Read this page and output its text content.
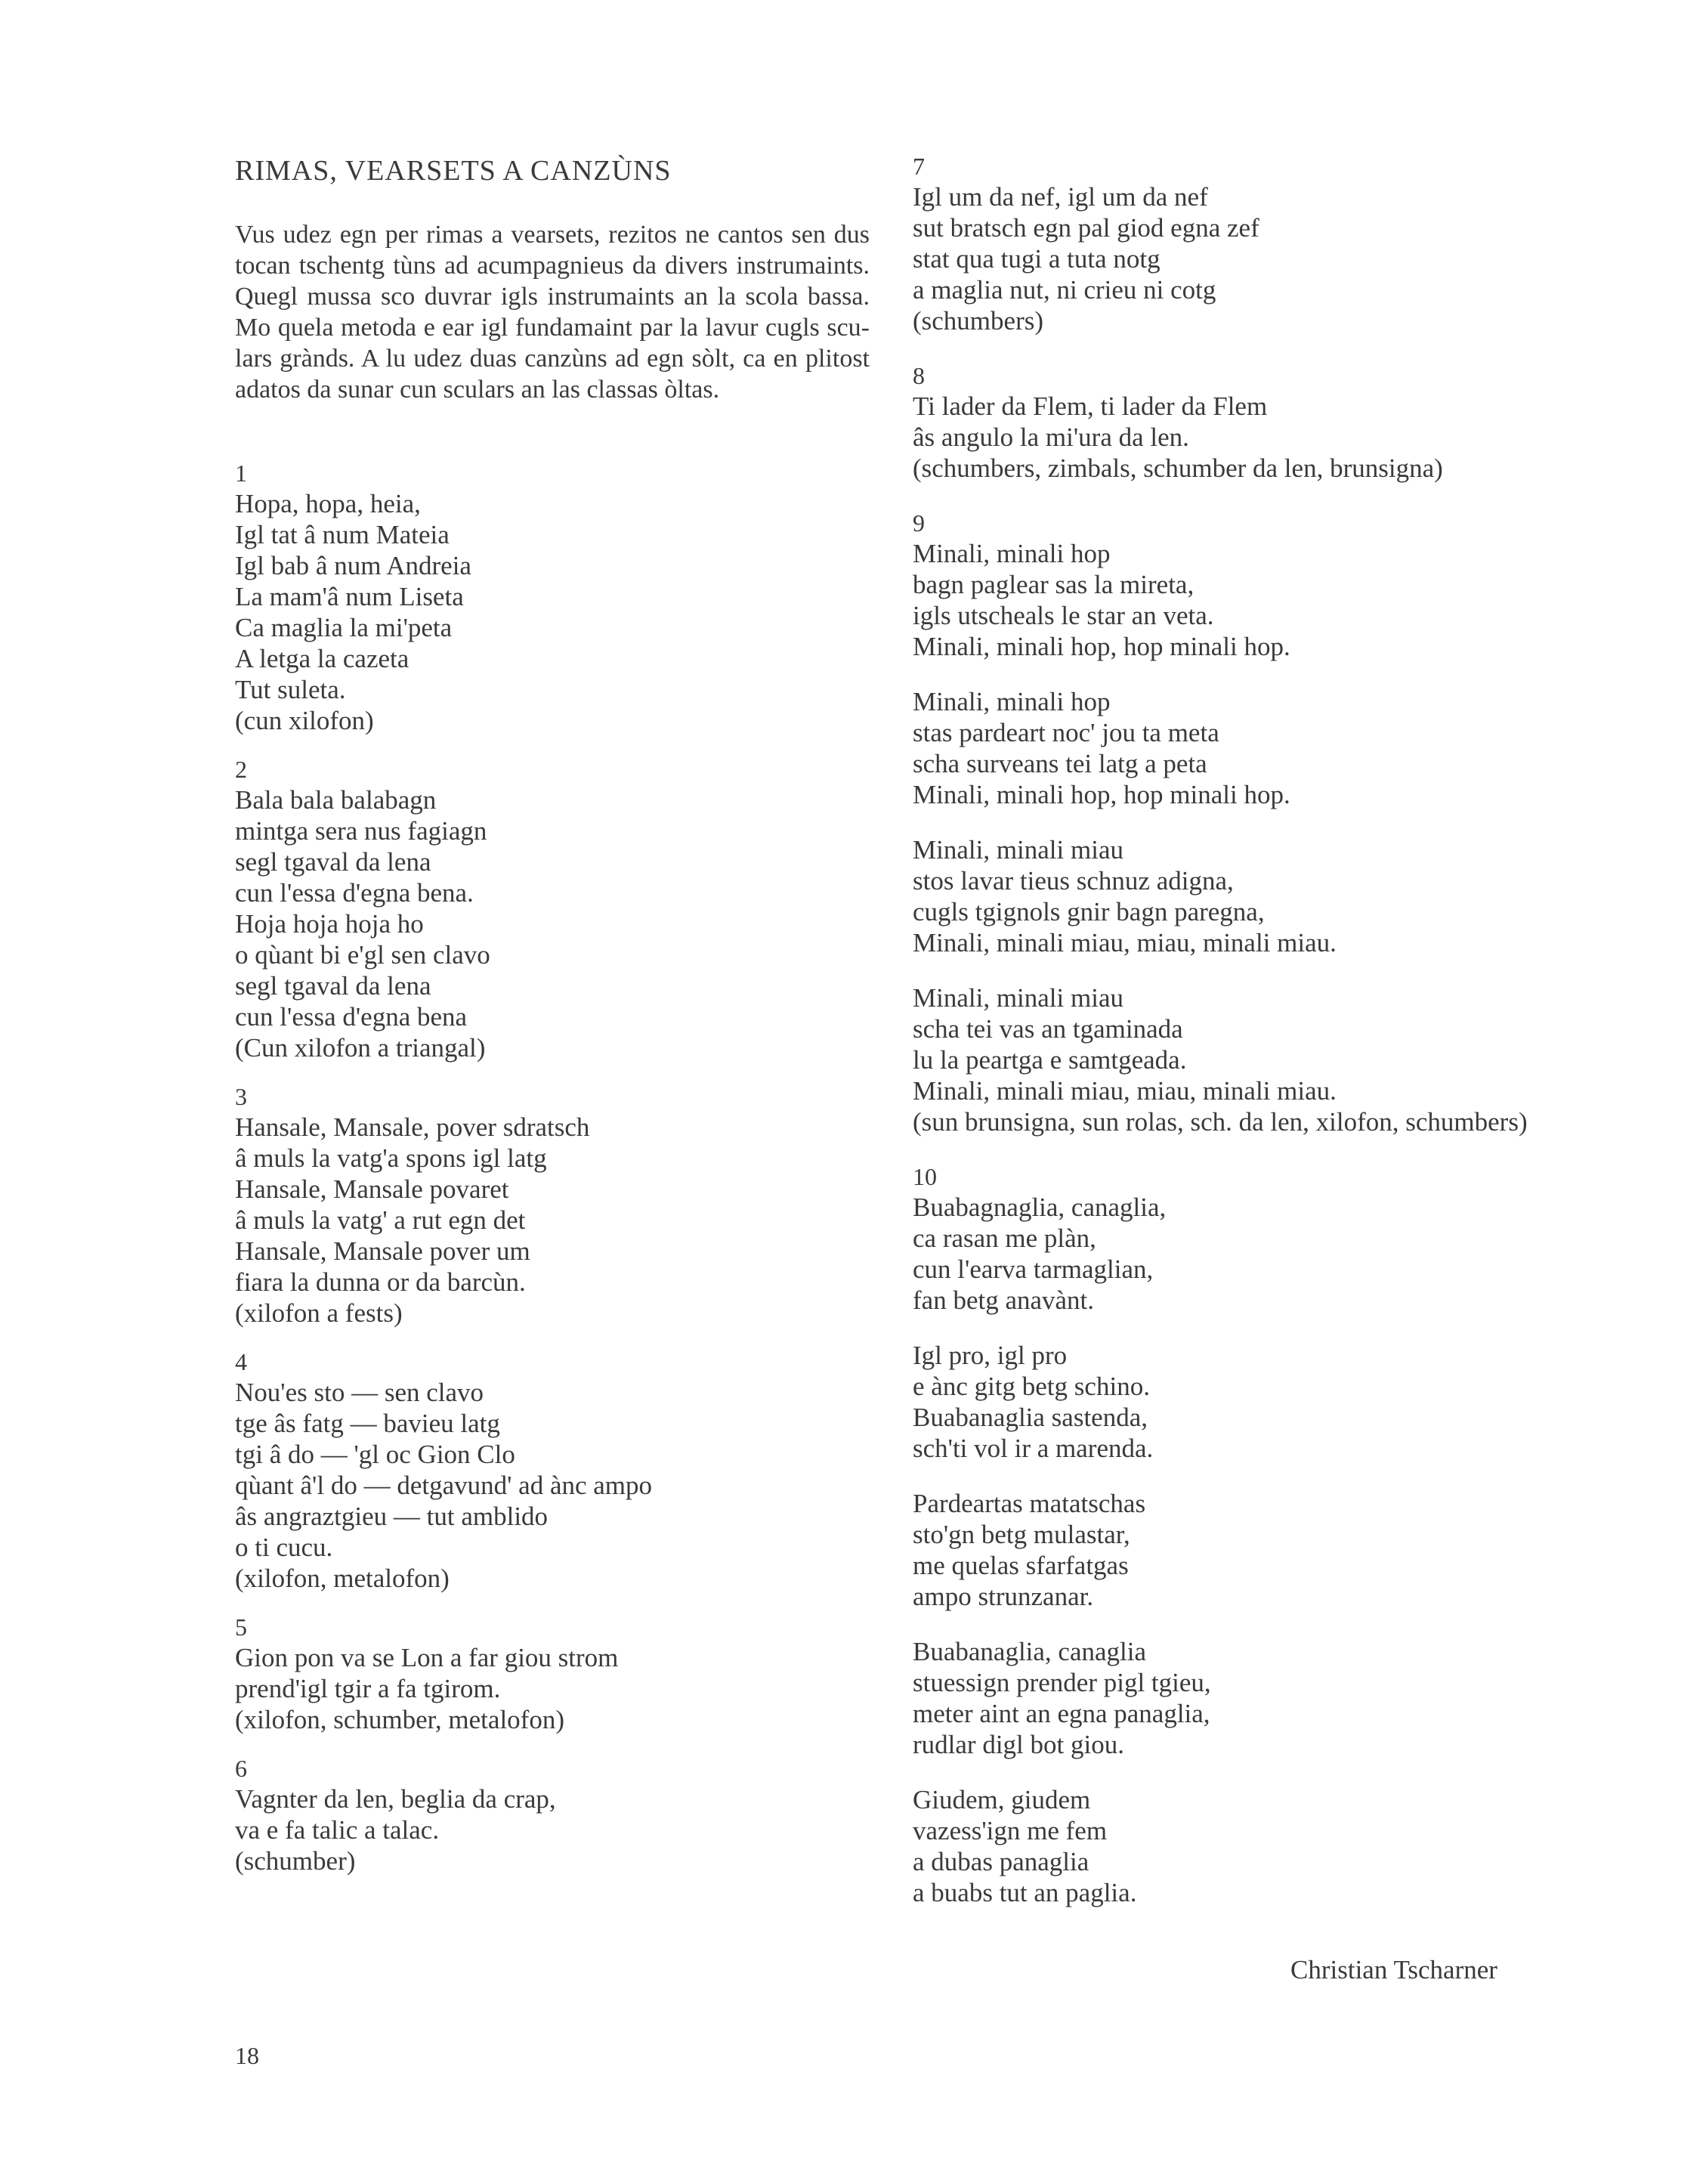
RIMAS, VEARSETS A CANZÙNS

Vus udez egn per rimas a vearsets, rezitos ne cantos sen dus tocan tschentg tùns ad acumpagnieus da divers instrumaints. Quegl mussa sco duvrar igls instrumaints an la scola bassa. Mo quela metoda e ear igl fundamaint par la lavur cugls scu-lars grànds. A lu udez duas canzùns ad egn sòlt, ca en plitost adatos da sunar cun sculars an las classas òltas.

1
Hopa, hopa, heia,
Igl tat â num Mateia
Igl bab â num Andreia
La mam'â num Liseta
Ca maglia la mi'peta
A letga la cazeta
Tut suleta.
(cun xilofon)
2
Bala bala balabagn
mintga sera nus fagiagn
segl tgaval da lena
cun l'essa d'egna bena.
Hoja hoja hoja ho
o qùant bi e'gl sen clavo
segl tgaval da lena
cun l'essa d'egna bena
(Cun xilofon a triangal)
3
Hansale, Mansale, pover sdratsch
â muls la vatg'a spons igl latg
Hansale, Mansale povaret
â muls la vatg' a rut egn det
Hansale, Mansale pover um
fiara la dunna or da barcùn.
(xilofon a fests)
4
Nou'es sto — sen clavo
tge âs fatg — bavieu latg
tgi â do — 'gl oc Gion Clo
qùant â'l do — detgavund' ad ànc ampo
âs angraztgieu — tut amblido
o ti cucu.
(xilofon, metalofon)
5
Gion pon va se Lon a far giou strom
prend'igl tgir a fa tgirom.
(xilofon, schumber, metalofon)
6
Vagnter da len, beglia da crap,
va e fa talic a talac.
(schumber)
7
Igl um da nef, igl um da nef
sut bratsch egn pal giod egna zef
stat qua tugi a tuta notg
a maglia nut, ni crieu ni cotg
(schumbers)
8
Ti lader da Flem, ti lader da Flem
âs angulo la mi'ura da len.
(schumbers, zimbals, schumber da len, brunsigna)
9
Minali, minali hop
bagn paglear sas la mireta,
igls utscheals le star an veta.
Minali, minali hop, hop minali hop.
Minali, minali hop
stas pardeart noc' jou ta meta
scha surveans tei latg a peta
Minali, minali hop, hop minali hop.
Minali, minali miau
stos lavar tieus schnuz adigna,
cugls tgignols gnir bagn paregna,
Minali, minali miau, miau, minali miau.
Minali, minali miau
scha tei vas an tgaminada
lu la peartga e samtgeada.
Minali, minali miau, miau, minali miau.
(sun brunsigna, sun rolas, sch. da len, xilofon, schumbers)
10
Buabagnaglia, canaglia,
ca rasan me plàn,
cun l'earva tarmaglian,
fan betg anavànt.
Igl pro, igl pro
e ànc gitg betg schino.
Buabanaglia sastenda,
sch'ti vol ir a marenda.
Pardeartas matatschas
sto'gn betg mulastar,
me quelas sfarfatgas
ampo strunzanar.
Buabanaglia, canaglia
stuessign prender pigl tgieu,
meter aint an egna panaglia,
rudlar digl bot giou.
Giudem, giudem
vazess'ign me fem
a dubas panaglia
a buabs tut an paglia.
Christian Tscharner
18
